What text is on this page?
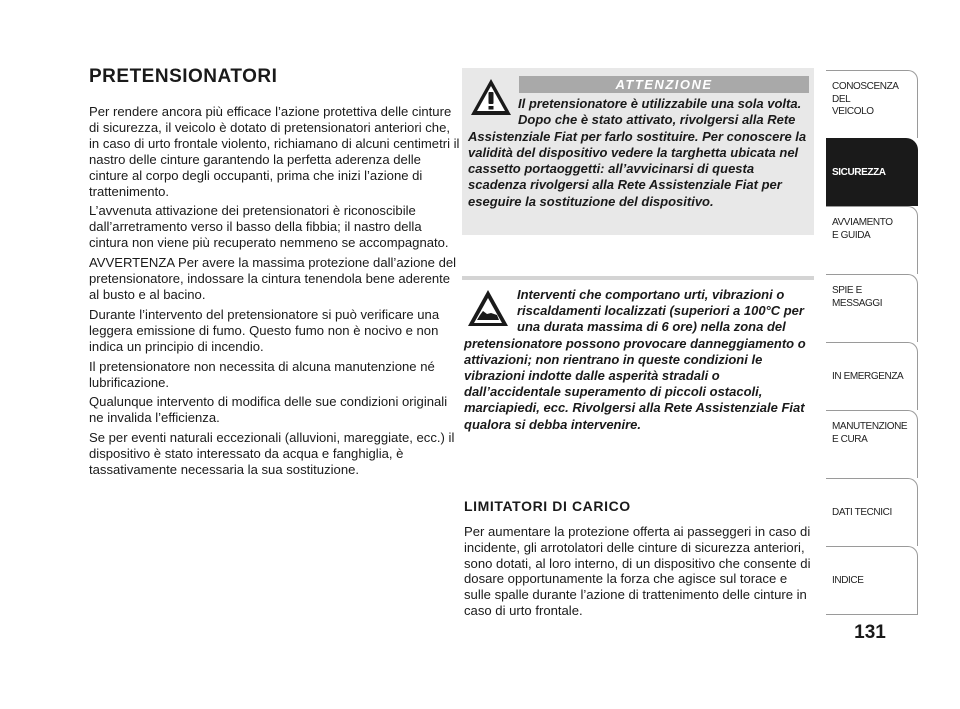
PRETENSIONATORI

Per rendere ancora più efficace l’azione protettiva delle cinture di sicurezza, il veicolo è dotato di pretensionatori anteriori che, in caso di urto frontale violento, richiamano di alcuni centimetri il nastro delle cinture garantendo la perfetta aderenza delle cinture al corpo degli occupanti, prima che inizi l’azione di trattenimento.

L’avvenuta attivazione dei pretensionatori è riconoscibile dall’arretramento verso il basso della fibbia; il nastro della cintura non viene più recuperato nemmeno se accompagnato.

AVVERTENZA Per avere la massima protezione dall’azione del pretensionatore, indossare la cintura tenendola bene aderente al busto e al bacino.

Durante l’intervento del pretensionatore si può verificare una leggera emissione di fumo. Questo fumo non è nocivo e non indica un principio di incendio.

Il pretensionatore non necessita di alcuna manutenzione né lubrificazione.

Qualunque intervento di modifica delle sue condizioni originali ne invalida l’efficienza.

Se per eventi naturali eccezionali (alluvioni, mareggiate, ecc.) il dispositivo è stato interessato da acqua e fanghiglia, è tassativamente necessaria la sua sostituzione.

ATTENZIONE

Il pretensionatore è utilizzabile una sola volta. Dopo che è stato attivato, rivolgersi alla Rete Assistenziale Fiat per farlo sostituire. Per conoscere la validità del dispositivo vedere la targhetta ubicata nel cassetto portaoggetti: all’avvicinarsi di questa scadenza rivolgersi alla Rete Assistenziale Fiat per eseguire la sostituzione del dispositivo.

Interventi che comportano urti, vibrazioni o riscaldamenti localizzati (superiori a 100°C per una durata massima di 6 ore) nella zona del pretensionatore possono provocare danneggiamento o attivazioni; non rientrano in queste condizioni le vibrazioni indotte dalle asperità stradali o dall’accidentale superamento di piccoli ostacoli, marciapiedi, ecc. Rivolgersi alla Rete Assistenziale Fiat qualora si debba intervenire.

LIMITATORI DI CARICO

Per aumentare la protezione offerta ai passeggeri in caso di incidente, gli arrotolatori delle cinture di sicurezza anteriori, sono dotati, al loro interno, di un dispositivo che consente di dosare opportunamente la forza che agisce sul torace e sulle spalle durante l’azione di trattenimento delle cinture in caso di urto frontale.

CONOSCENZA
DEL
VEICOLO
SICUREZZA
AVVIAMENTO
E GUIDA
SPIE E
MESSAGGI
IN EMERGENZA
MANUTENZIONE
E CURA
DATI TECNICI
INDICE
131
